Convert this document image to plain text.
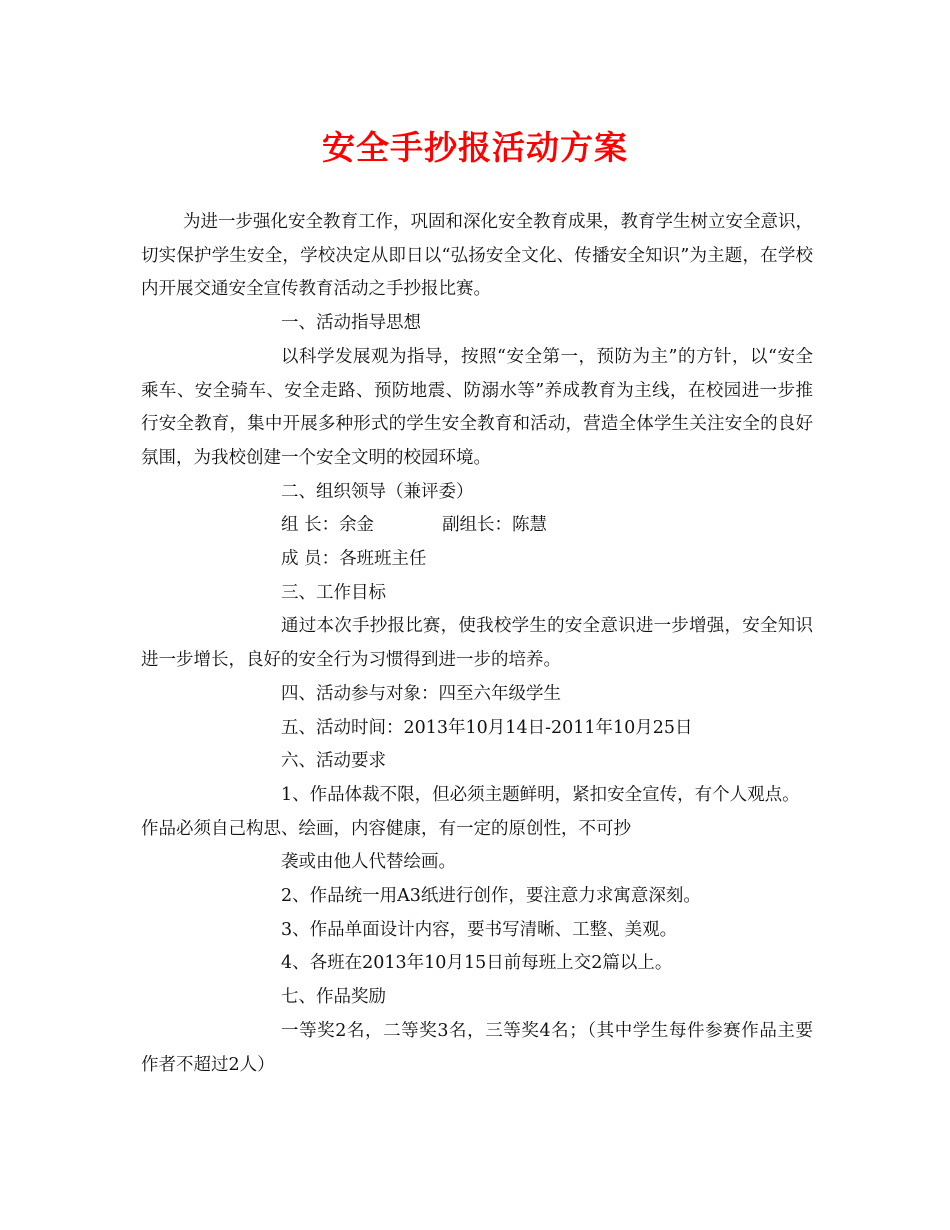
安全手抄报活动方案

为进一步强化安全教育工作，巩固和深化安全教育成果，教育学生树立安全意识，切实保护学生安全，学校决定从即日以“弘扬安全文化、传播安全知识”为主题，在学校内开展交通安全宣传教育活动之手抄报比赛。

一、活动指导思想

以科学发展观为指导，按照“安全第一，预防为主”的方针，以“安全乘车、安全骑车、安全走路、预防地震、防溺水等”养成教育为主线，在校园进一步推行安全教育，集中开展多种形式的学生安全教育和活动，营造全体学生关注安全的良好氛围，为我校创建一个安全文明的校园环境。

二、组织领导（兼评委）

组 长：余金	副组长：陈慧

成 员：各班班主任

三、工作目标

通过本次手抄报比赛，使我校学生的安全意识进一步增强，安全知识进一步增长，良好的安全行为习惯得到进一步的培养。

四、活动参与对象：四至六年级学生

五、活动时间：2013年10月14日-2011年10月25日

六、活动要求

1、作品体裁不限，但必须主题鲜明，紧扣安全宣传，有个人观点。

作品必须自己构思、绘画，内容健康，有一定的原创性，不可抄

袭或由他人代替绘画。

2、作品统一用A3纸进行创作，要注意力求寓意深刻。

3、作品单面设计内容，要书写清晰、工整、美观。

4、各班在2013年10月15日前每班上交2篇以上。

七、作品奖励

一等奖2名，二等奖3名，三等奖4名；（其中学生每件参赛作品主要作者不超过2人）
